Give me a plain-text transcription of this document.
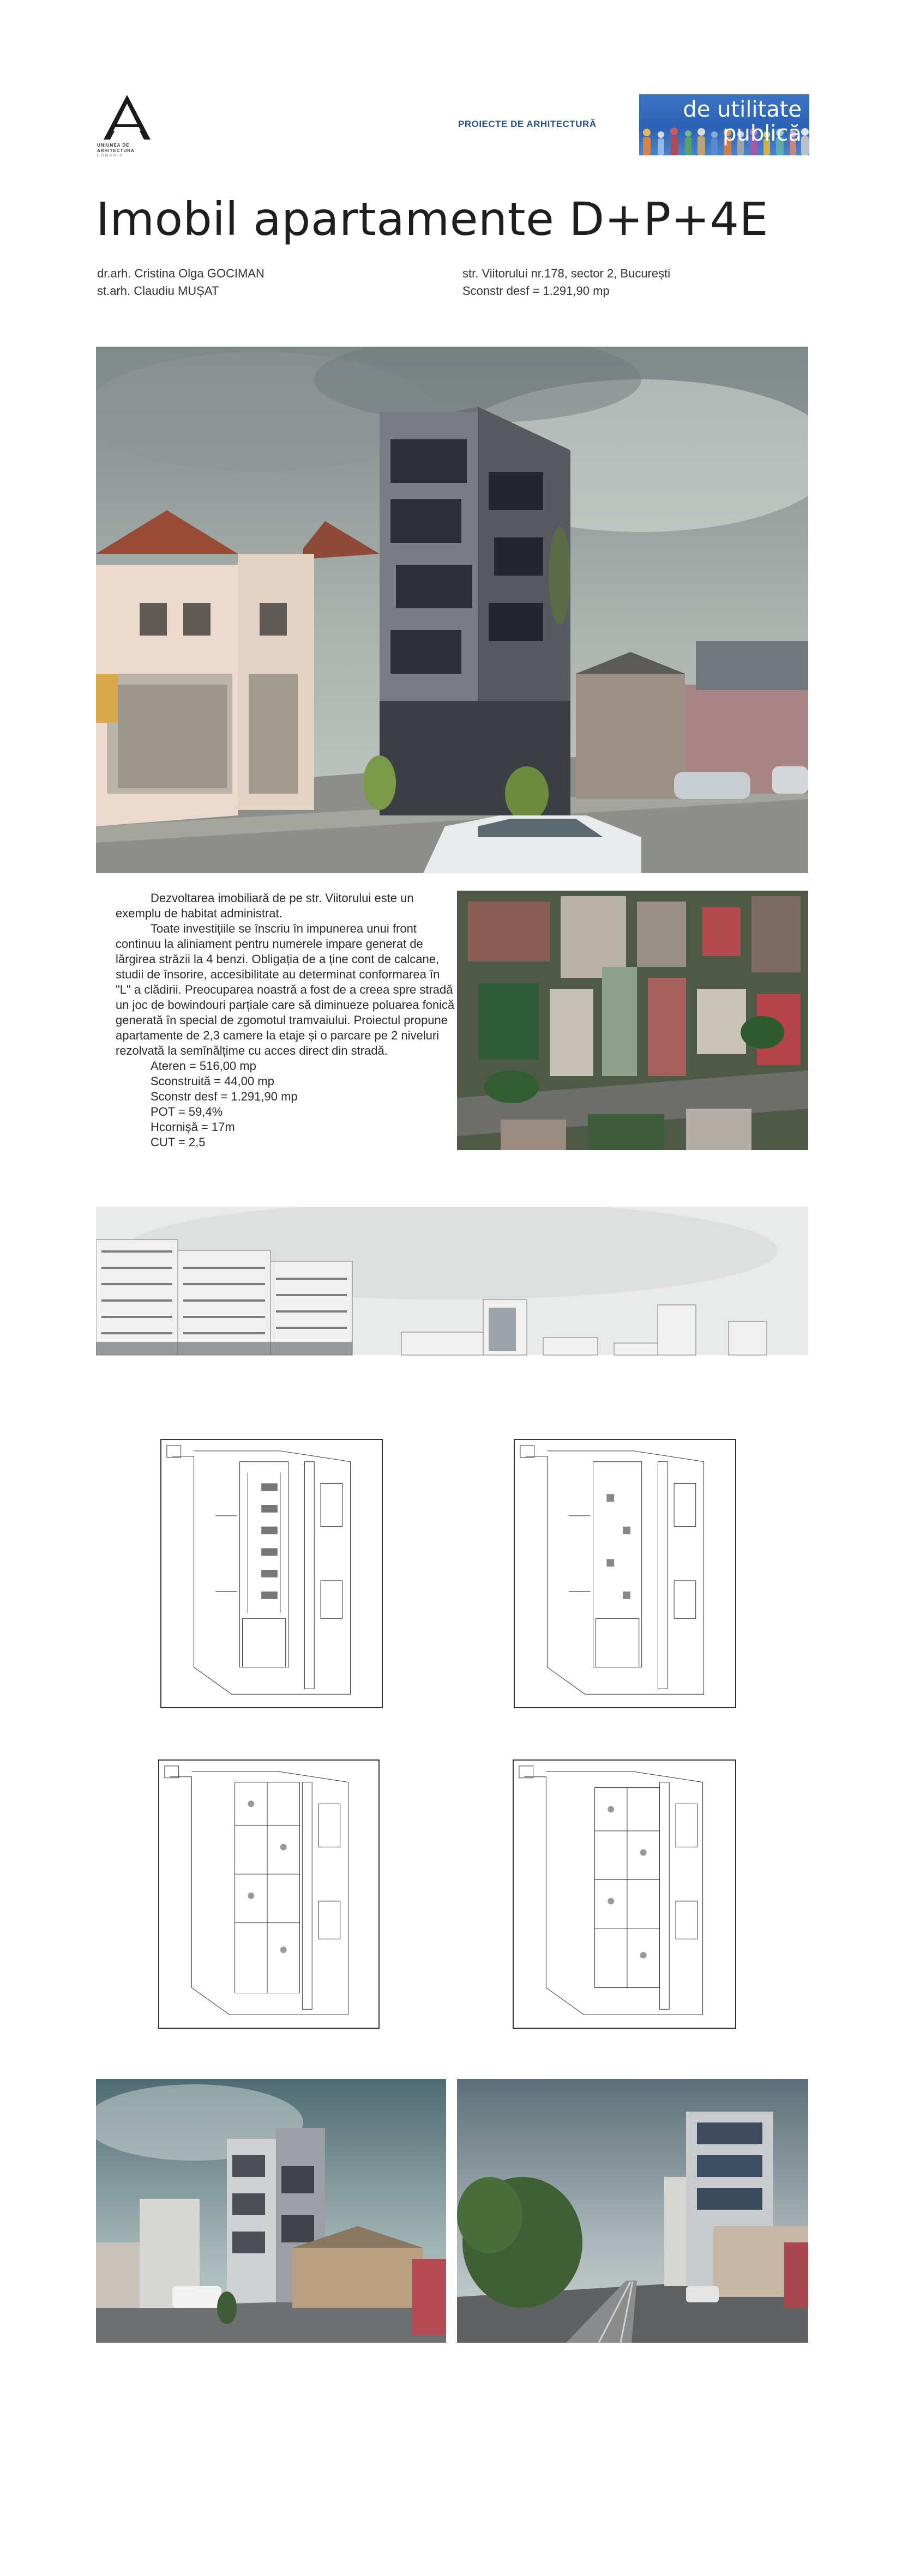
UNIUNEA DE ARHITECTURA
ROMANIA
PROIECTE DE ARHITECTURĂ
de utilitate
publică
Imobil apartamente D+P+4E
dr.arh. Cristina Olga GOCIMAN
st.arh. Claudiu MUȘAT
str. Viitorului nr.178, sector 2, București
Sconstr desf = 1.291,90 mp

Dezvoltarea imobiliară de pe str. Viitorului este un exemplu de habitat administrat.

Toate investițiile se înscriu în impunerea unui front continuu la aliniament pentru numerele impare generat de lărgirea străzii la 4 benzi. Obligația de a ține cont de calcane, studii de însorire, accesibilitate au determinat conformarea în "L" a clădirii. Preocuparea noastră a fost de a creea spre stradă un joc de bowindouri parțiale care să diminueze poluarea fonică generată în special de zgomotul tramvaiului. Proiectul propune apartamente de 2,3 camere la etaje și o parcare pe 2 niveluri rezolvată la semînălțime cu acces direct din stradă.

Ateren = 516,00 mp
Sconstruită = 44,00 mp
Sconstr desf = 1.291,90 mp
POT = 59,4%
Hcornișă = 17m
CUT = 2,5
